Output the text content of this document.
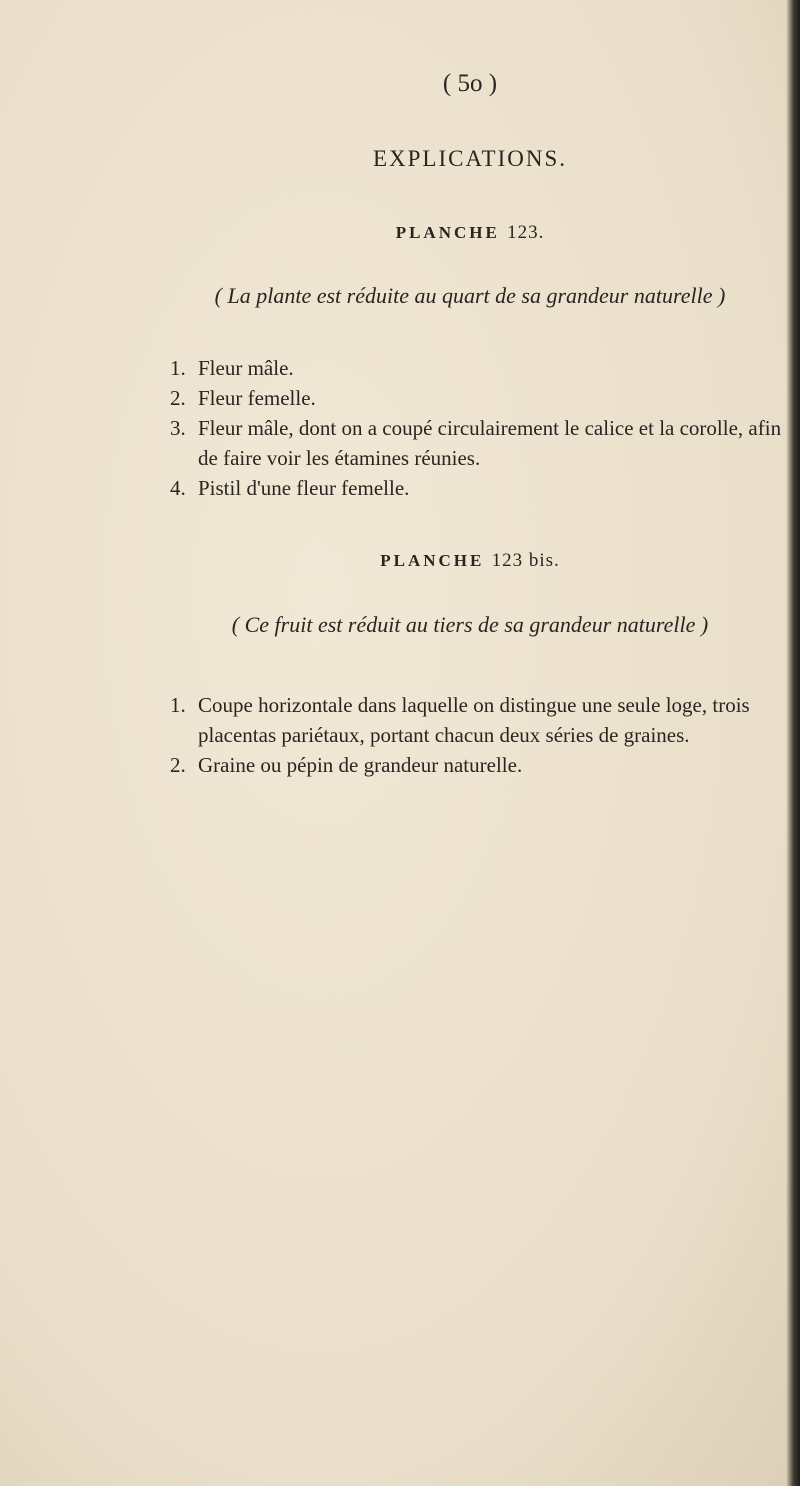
( 5o )
EXPLICATIONS.
PLANCHE 123.
( La plante est réduite au quart de sa grandeur naturelle )
1. Fleur mâle.
2. Fleur femelle.
3. Fleur mâle, dont on a coupé circulairement le calice et la corolle, afin
de faire voir les étamines réunies.
4. Pistil d'une fleur femelle.
PLANCHE 123 bis.
( Ce fruit est réduit au tiers de sa grandeur naturelle )
1. Coupe horizontale dans laquelle on distingue une seule loge, trois
placentas pariétaux, portant chacun deux séries de graines.
2. Graine ou pépin de grandeur naturelle.
